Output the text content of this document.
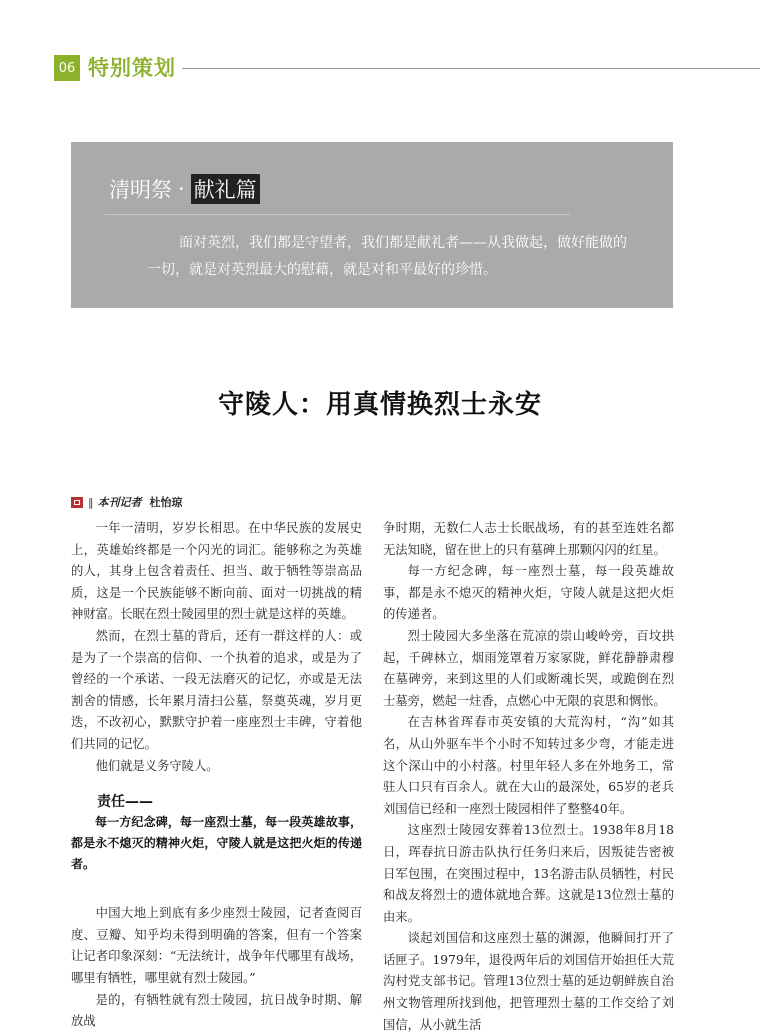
06 特别策划
清明祭 · 献礼篇

面对英烈，我们都是守望者，我们都是献礼者——从我做起，做好能做的一切，就是对英烈最大的慰藉，就是对和平最好的珍惜。

守陵人：用真情换烈士永安
‖ 本刊记者 杜怡琼

一年一清明，岁岁长相思。在中华民族的发展史上，英雄始终都是一个闪光的词汇。能够称之为英雄的人，其身上包含着责任、担当、敢于牺牲等崇高品质，这是一个民族能够不断向前、面对一切挑战的精神财富。长眠在烈士陵园里的烈士就是这样的英雄。

然而，在烈士墓的背后，还有一群这样的人：或是为了一个崇高的信仰、一个执着的追求，或是为了曾经的一个承诺、一段无法磨灭的记忆，亦或是无法割舍的情感，长年累月清扫公墓，祭奠英魂，岁月更迭，不改初心，默默守护着一座座烈士丰碑，守着他们共同的记忆。

他们就是义务守陵人。

责任——

每一方纪念碑，每一座烈士墓，每一段英雄故事，都是永不熄灭的精神火炬，守陵人就是这把火炬的传递者。

中国大地上到底有多少座烈士陵园，记者查阅百度、豆瓣、知乎均未得到明确的答案，但有一个答案让记者印象深刻：“无法统计，战争年代哪里有战场，哪里有牺牲，哪里就有烈士陵园。”

是的，有牺牲就有烈士陵园，抗日战争时期、解放战

争时期，无数仁人志士长眠战场，有的甚至连姓名都无法知晓，留在世上的只有墓碑上那颗闪闪的红星。

每一方纪念碑，每一座烈士墓，每一段英雄故事，都是永不熄灭的精神火炬，守陵人就是这把火炬的传递者。

烈士陵园大多坐落在荒凉的崇山峻岭旁，百坟拱起，千碑林立，烟雨笼罩着万家冢陇，鲜花静静肃穆在墓碑旁，来到这里的人们或断魂长哭，或跪倒在烈士墓旁，燃起一炷香，点燃心中无限的哀思和惆怅。

在吉林省珲春市英安镇的大荒沟村，“沟”如其名，从山外驱车半个小时不知转过多少弯，才能走进这个深山中的小村落。村里年轻人多在外地务工，常驻人口只有百余人。就在大山的最深处，65岁的老兵刘国信已经和一座烈士陵园相伴了整整40年。

这座烈士陵园安葬着13位烈士。1938年8月18日，珲春抗日游击队执行任务归来后，因叛徒告密被日军包围，在突围过程中，13名游击队员牺牲，村民和战友将烈士的遗体就地合葬。这就是13位烈士墓的由来。

谈起刘国信和这座烈士墓的渊源，他瞬间打开了话匣子。1979年，退役两年后的刘国信开始担任大荒沟村党支部书记。管理13位烈士墓的延边朝鲜族自治州文物管理所找到他，把管理烈士墓的工作交给了刘国信，从小就生活
